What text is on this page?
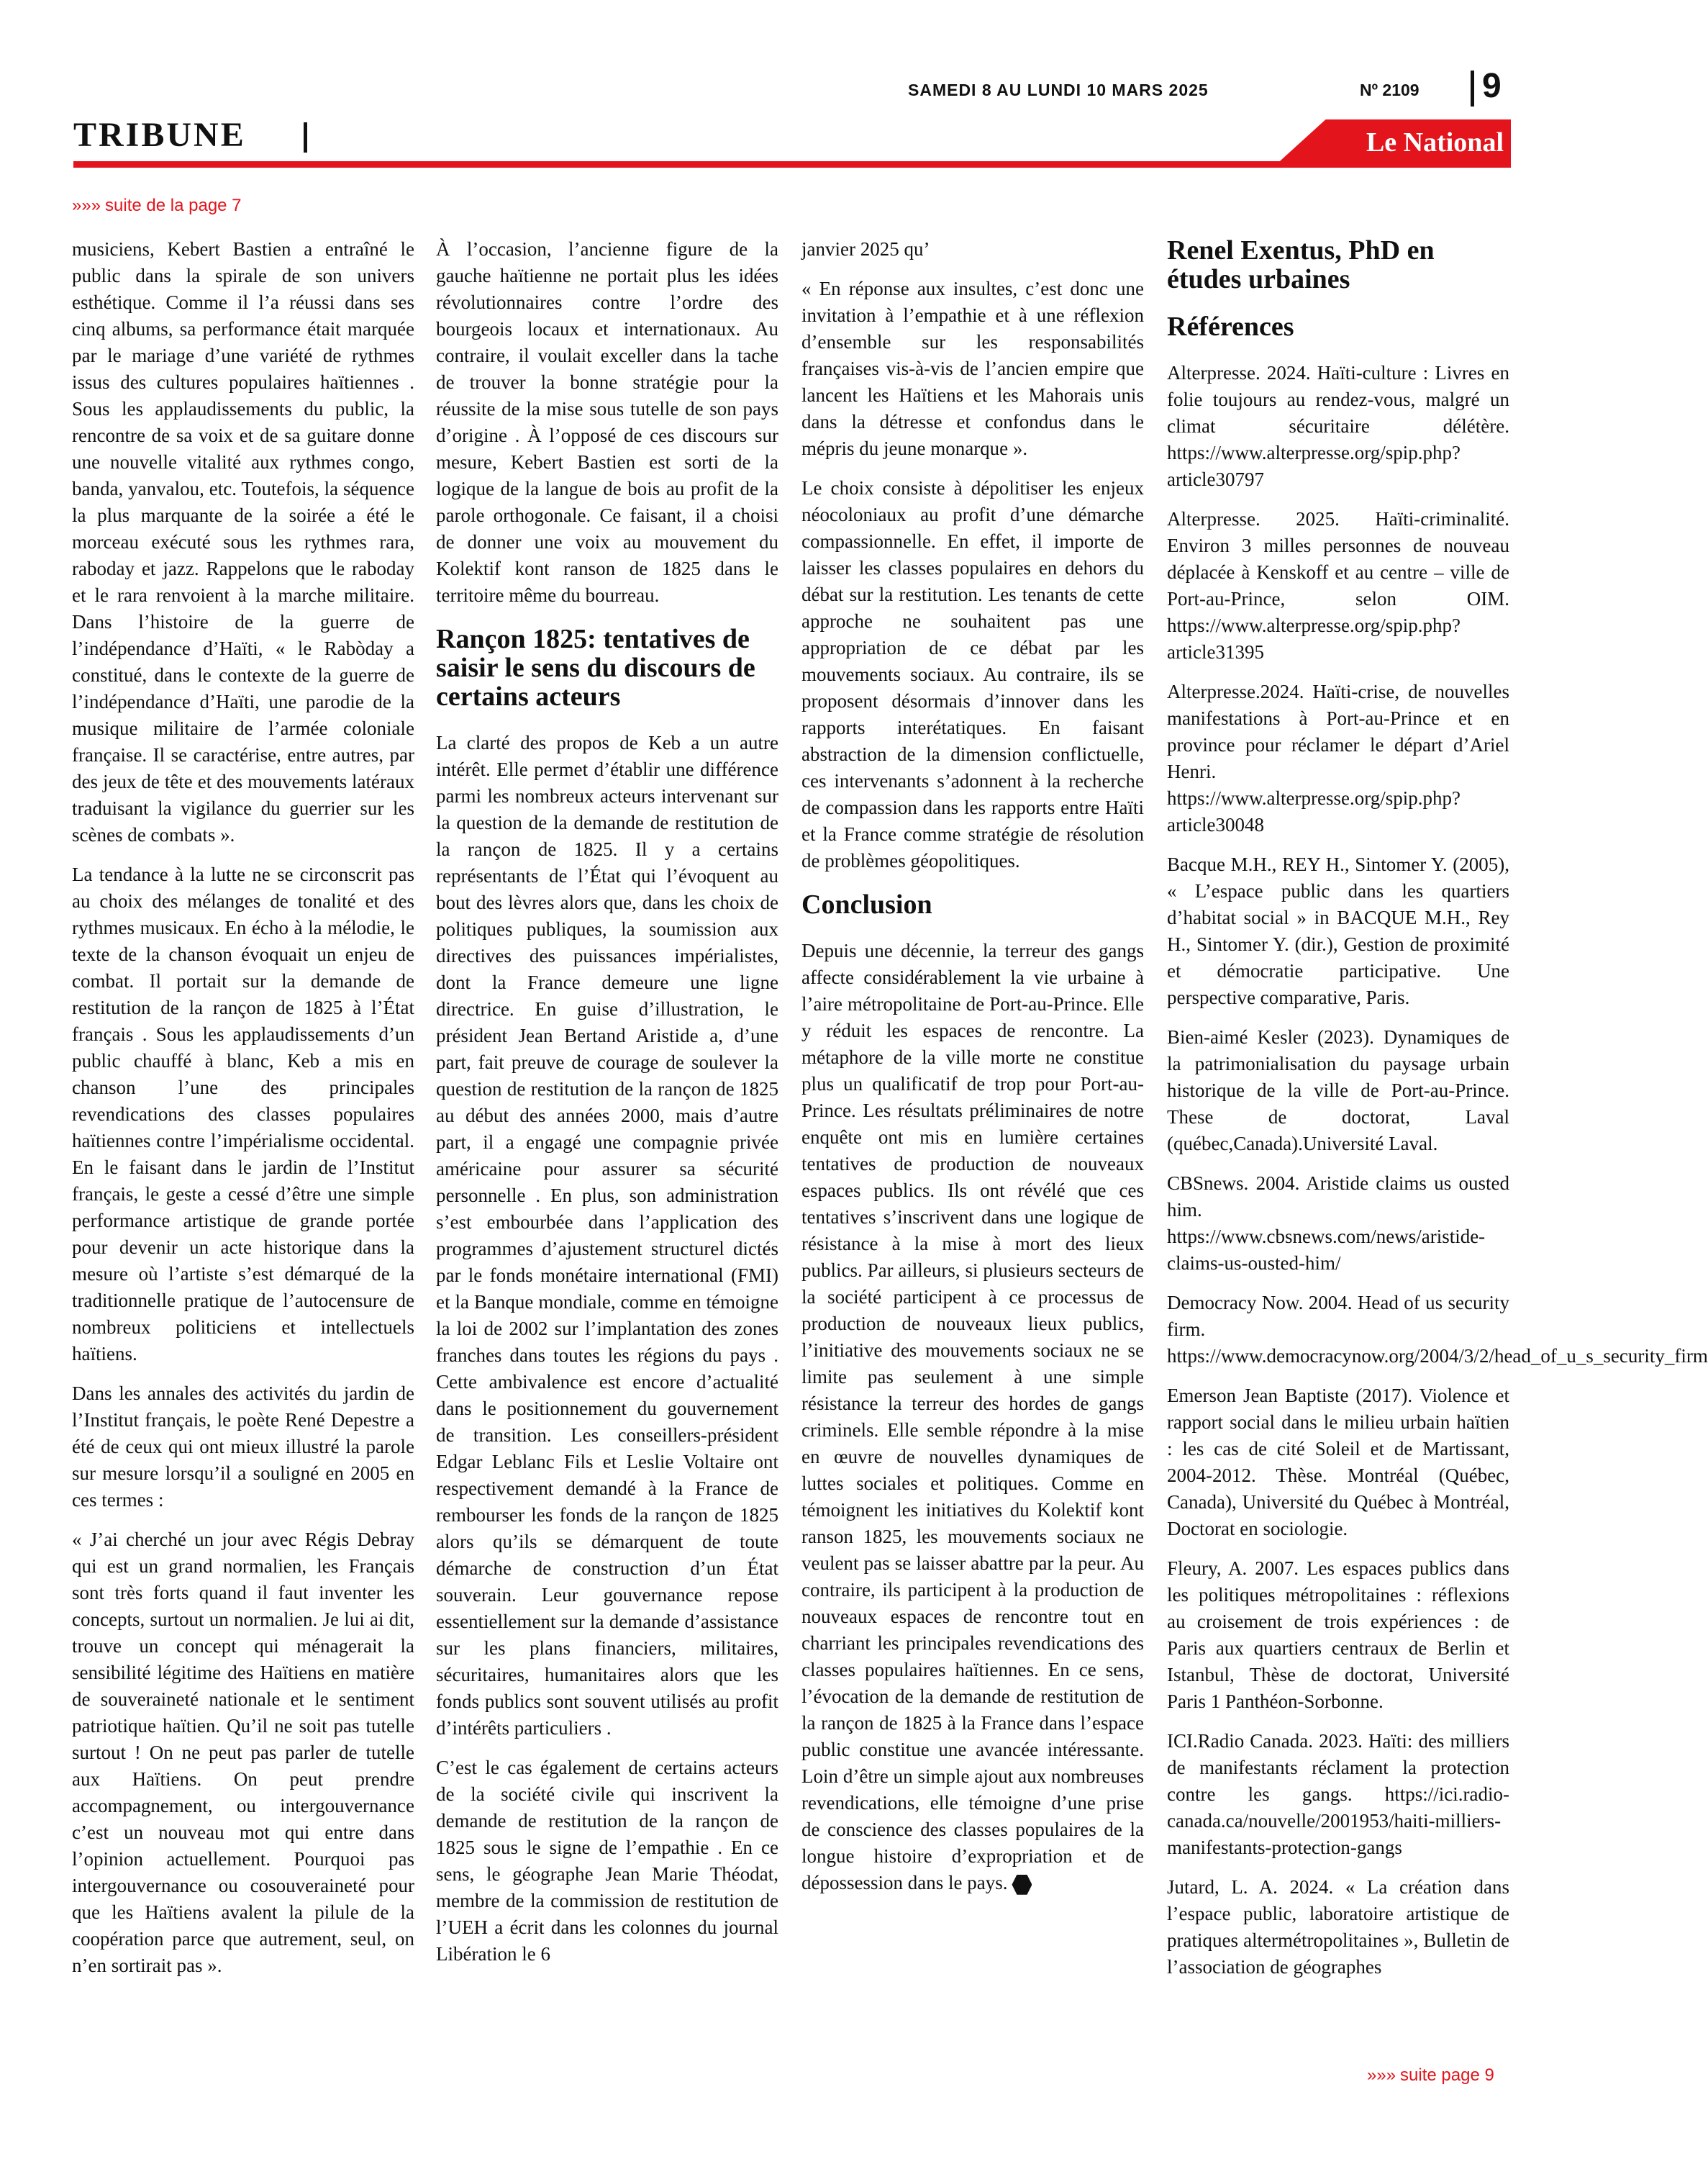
SAMEDI 8 AU LUNDI 10 MARS 2025	Nº 2109 9
TRIBUNE	Le National
»»» suite de la page 7

musiciens, Kebert Bastien a entraîné le public dans la spirale de son univers esthétique. Comme il l’a réussi dans ses cinq albums, sa performance était marquée par le mariage d’une variété de rythmes issus des cultures populaires haïtiennes . Sous les applaudissements du public, la rencontre de sa voix et de sa guitare donne une nouvelle vitalité aux rythmes congo, banda, yanvalou, etc. Toutefois, la séquence la plus marquante de la soirée a été le morceau exécuté sous les rythmes rara, raboday et jazz. Rappelons que le raboday et le rara renvoient à la marche militaire. Dans l’histoire de la guerre de l’indépendance d’Haïti, « le Rabòday a constitué, dans le contexte de la guerre de l’indépendance d’Haïti, une parodie de la musique militaire de l’armée coloniale française. Il se caractérise, entre autres, par des jeux de tête et des mouvements latéraux traduisant la vigilance du guerrier sur les scènes de combats ».

La tendance à la lutte ne se circonscrit pas au choix des mélanges de tonalité et des rythmes musicaux. En écho à la mélodie, le texte de la chanson évoquait un enjeu de combat. Il portait sur la demande de restitution de la rançon de 1825 à l’État français . Sous les applaudissements d’un public chauffé à blanc, Keb a mis en chanson l’une des principales revendications des classes populaires haïtiennes contre l’impérialisme occidental. En le faisant dans le jardin de l’Institut français, le geste a cessé d’être une simple performance artistique de grande portée pour devenir un acte historique dans la mesure où l’artiste s’est démarqué de la traditionnelle pratique de l’autocensure de nombreux politiciens et intellectuels haïtiens.

Dans les annales des activités du jardin de l’Institut français, le poète René Depestre a été de ceux qui ont mieux illustré la parole sur mesure lorsqu’il a souligné en 2005 en ces termes :

« J’ai cherché un jour avec Régis Debray qui est un grand normalien, les Français sont très forts quand il faut inventer les concepts, surtout un normalien. Je lui ai dit, trouve un concept qui ménagerait la sensibilité légitime des Haïtiens en matière de souveraineté nationale et le sentiment patriotique haïtien. Qu’il ne soit pas tutelle surtout ! On ne peut pas parler de tutelle aux Haïtiens. On peut prendre accompagnement, ou intergouvernance c’est un nouveau mot qui entre dans l’opinion actuellement. Pourquoi pas intergouvernance ou cosouveraineté pour que les Haïtiens avalent la pilule de la coopération parce que autrement, seul, on n’en sortirait pas ».

À l’occasion, l’ancienne figure de la gauche haïtienne ne portait plus les idées révolutionnaires contre l’ordre des bourgeois locaux et internationaux. Au contraire, il voulait exceller dans la tache de trouver la bonne stratégie pour la réussite de la mise sous tutelle de son pays d’origine . À l’opposé de ces discours sur mesure, Kebert Bastien est sorti de la logique de la langue de bois au profit de la parole orthogonale. Ce faisant, il a choisi de donner une voix au mouvement du Kolektif kont ranson de 1825 dans le territoire même du bourreau.

Rançon 1825: tentatives de saisir le sens du discours de certains acteurs

La clarté des propos de Keb a un autre intérêt. Elle permet d’établir une différence parmi les nombreux acteurs intervenant sur la question de la demande de restitution de la rançon de 1825. Il y a certains représentants de l’État qui l’évoquent au bout des lèvres alors que, dans les choix de politiques publiques, la soumission aux directives des puissances impérialistes, dont la France demeure une ligne directrice. En guise d’illustration, le président Jean Bertand Aristide a, d’une part, fait preuve de courage de soulever la question de restitution de la rançon de 1825 au début des années 2000, mais d’autre part, il a engagé une compagnie privée américaine pour assurer sa sécurité personnelle . En plus, son administration s’est embourbée dans l’application des programmes d’ajustement structurel dictés par le fonds monétaire international (FMI) et la Banque mondiale, comme en témoigne la loi de 2002 sur l’implantation des zones franches dans toutes les régions du pays . Cette ambivalence est encore d’actualité dans le positionnement du gouvernement de transition. Les conseillers-président Edgar Leblanc Fils et Leslie Voltaire ont respectivement demandé à la France de rembourser les fonds de la rançon de 1825 alors qu’ils se démarquent de toute démarche de construction d’un État souverain. Leur gouvernance repose essentiellement sur la demande d’assistance sur les plans financiers, militaires, sécuritaires, humanitaires alors que les fonds publics sont souvent utilisés au profit d’intérêts particuliers .

C’est le cas également de certains acteurs de la société civile qui inscrivent la demande de restitution de la rançon de 1825 sous le signe de l’empathie . En ce sens, le géographe Jean Marie Théodat, membre de la commission de restitution de l’UEH a écrit dans les colonnes du journal Libération le 6

janvier 2025 qu’

« En réponse aux insultes, c’est donc une invitation à l’empathie et à une réflexion d’ensemble sur les responsabilités françaises vis-à-vis de l’ancien empire que lancent les Haïtiens et les Mahorais unis dans la détresse et confondus dans le mépris du jeune monarque ».

Le choix consiste à dépolitiser les enjeux néocoloniaux au profit d’une démarche compassionnelle. En effet, il importe de laisser les classes populaires en dehors du débat sur la restitution. Les tenants de cette approche ne souhaitent pas une appropriation de ce débat par les mouvements sociaux. Au contraire, ils se proposent désormais d’innover dans les rapports interétatiques. En faisant abstraction de la dimension conflictuelle, ces intervenants s’adonnent à la recherche de compassion dans les rapports entre Haïti et la France comme stratégie de résolution de problèmes géopolitiques.

Conclusion

Depuis une décennie, la terreur des gangs affecte considérablement la vie urbaine à l’aire métropolitaine de Port-au-Prince. Elle y réduit les espaces de rencontre. La métaphore de la ville morte ne constitue plus un qualificatif de trop pour Port-au-Prince. Les résultats préliminaires de notre enquête ont mis en lumière certaines tentatives de production de nouveaux espaces publics. Ils ont révélé que ces tentatives s’inscrivent dans une logique de résistance à la mise à mort des lieux publics. Par ailleurs, si plusieurs secteurs de la société participent à ce processus de production de nouveaux lieux publics, l’initiative des mouvements sociaux ne se limite pas seulement à une simple résistance la terreur des hordes de gangs criminels. Elle semble répondre à la mise en œuvre de nouvelles dynamiques de luttes sociales et politiques. Comme en témoignent les initiatives du Kolektif kont ranson 1825, les mouvements sociaux ne veulent pas se laisser abattre par la peur. Au contraire, ils participent à la production de nouveaux espaces de rencontre tout en charriant les principales revendications des classes populaires haïtiennes. En ce sens, l’évocation de la demande de restitution de la rançon de 1825 à la France dans l’espace public constitue une avancée intéressante. Loin d’être un simple ajout aux nombreuses revendications, elle témoigne d’une prise de conscience des classes populaires de la longue histoire d’expropriation et de dépossession dans le pays.

Renel Exentus, PhD en études urbaines
Références

Alterpresse. 2024. Haïti-culture : Livres en folie toujours au rendez-vous, malgré un climat sécuritaire délétère. https://www.alterpresse.org/spip.php?article30797

Alterpresse. 2025. Haïti-criminalité. Environ 3 milles personnes de nouveau déplacée à Kenskoff et au centre – ville de Port-au-Prince, selon OIM. https://www.alterpresse.org/spip.php?article31395

Alterpresse.2024. Haïti-crise, de nouvelles manifestations à Port-au-Prince et en province pour réclamer le départ d’Ariel Henri. https://www.alterpresse.org/spip.php?article30048

Bacque M.H., REY H., Sintomer Y. (2005), « L’espace public dans les quartiers d’habitat social » in BACQUE M.H., Rey H., Sintomer Y. (dir.), Gestion de proximité et démocratie participative. Une perspective comparative, Paris.

Bien-aimé Kesler (2023). Dynamiques de la patrimonialisation du paysage urbain historique de la ville de Port-au-Prince. These de doctorat, Laval (québec,Canada).Université Laval.

CBSnews. 2004. Aristide claims us ousted him. https://www.cbsnews.com/news/aristide-claims-us-ousted-him/

Democracy Now. 2004. Head of us security firm. https://www.democracynow.org/2004/3/2/head_of_u_s_security_firm

Emerson Jean Baptiste (2017). Violence et rapport social dans le milieu urbain haïtien : les cas de cité Soleil et de Martissant, 2004-2012. Thèse. Montréal (Québec, Canada), Université du Québec à Montréal, Doctorat en sociologie.

Fleury, A. 2007. Les espaces publics dans les politiques métropolitaines : réflexions au croisement de trois expériences : de Paris aux quartiers centraux de Berlin et Istanbul, Thèse de doctorat, Université Paris 1 Panthéon-Sorbonne.

ICI.Radio Canada. 2023. Haïti: des milliers de manifestants réclament la protection contre les gangs. https://ici.radio-canada.ca/nouvelle/2001953/haiti-milliers-manifestants-protection-gangs

Jutard, L. A. 2024. « La création dans l’espace public, laboratoire artistique de pratiques altermétropolitaines », Bulletin de l’association de géographes

»»» suite page 9
